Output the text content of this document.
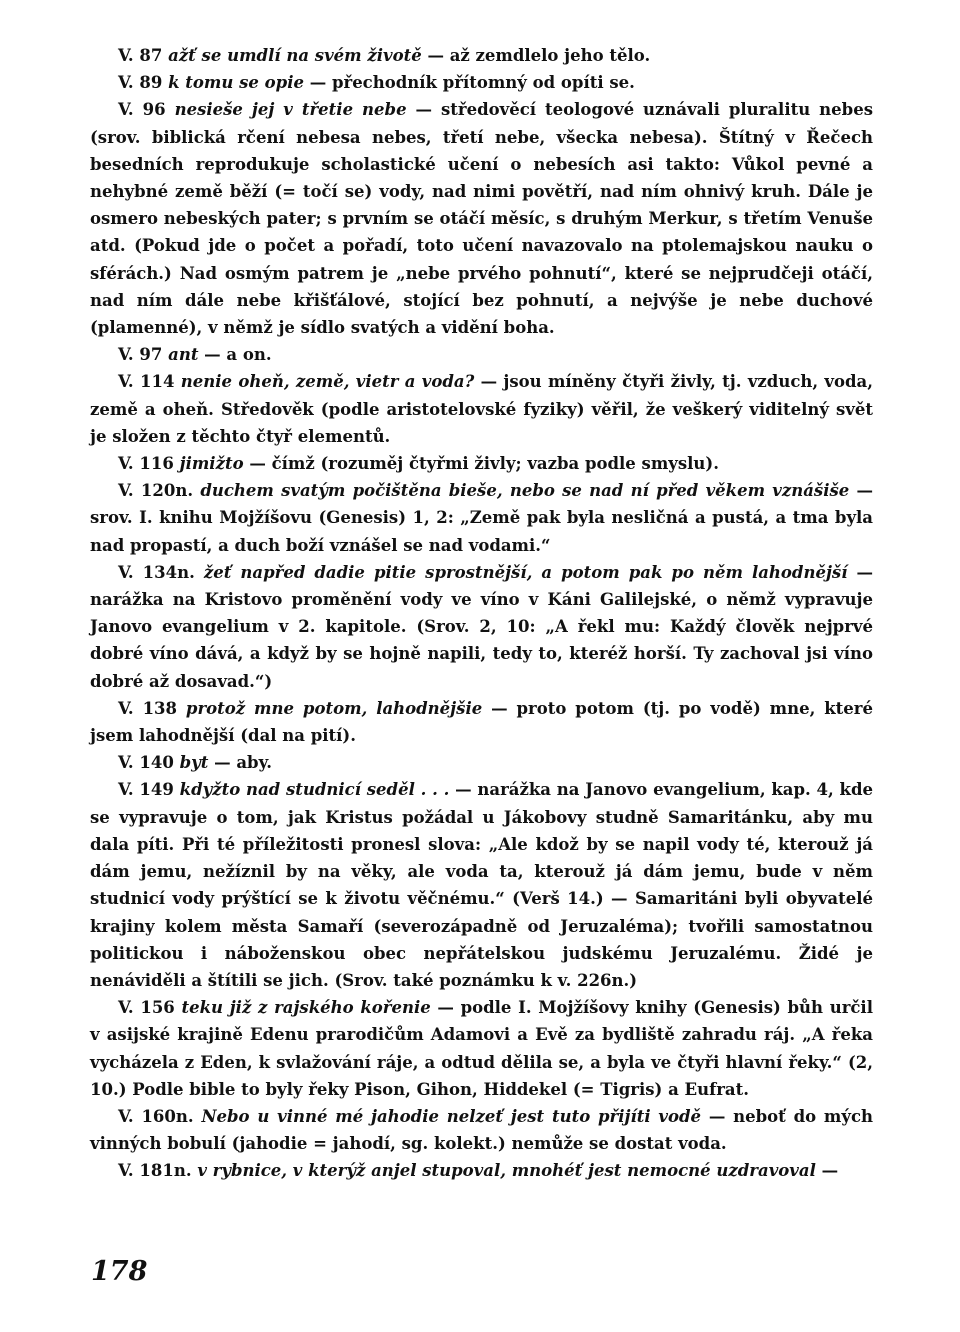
V. 87 ažť se umdlí na svém životě — až zemdlelo jeho tělo.

V. 89 k tomu se opie — přechodník přítomný od opíti se.

V. 96 nesieše jej v třetie nebe — středověcí teologové uznávali pluralitu nebes (srov. biblická rčení nebesa nebes, třetí nebe, všecka nebesa). Štítný v Řečech besedních reprodukuje scholastické učení o nebesích asi takto: Vůkol pevné a nehybné země běží (= točí se) vody, nad nimi povětří, nad ním ohnivý kruh. Dále je osmero nebeských pater; s prvním se otáčí měsíc, s druhým Merkur, s třetím Venuše atd. (Pokud jde o počet a pořadí, toto učení navazovalo na ptolemajskou nauku o sférách.) Nad osmým patrem je „nebe prvého pohnutí“, které se nejprudčeji otáčí, nad ním dále nebe křišťálové, stojící bez pohnutí, a nejvýše je nebe duchové (plamenné), v němž je sídlo svatých a vidění boha.

V. 97 ant — a on.

V. 114 nenie oheň, země, vietr a voda? — jsou míněny čtyři živly, tj. vzduch, voda, země a oheň. Středověk (podle aristotelovské fyziky) věřil, že veškerý viditelný svět je složen z těchto čtyř elementů.

V. 116 jimižto — čímž (rozuměj čtyřmi živly; vazba podle smyslu).

V. 120n. duchem svatým počištěna bieše, nebo se nad ní před věkem vznášiše — srov. I. knihu Mojžíšovu (Genesis) 1, 2: „Země pak byla nesličná a pustá, a tma byla nad propastí, a duch boží vznášel se nad vodami.“

V. 134n. žeť napřed dadie pitie sprostnější, a potom pak po něm lahodnější — narážka na Kristovo proměnění vody ve víno v Káni Galilejské, o němž vypravuje Janovo evangelium v 2. kapitole. (Srov. 2, 10: „A řekl mu: Každý člověk nejprvé dobré víno dává, a když by se hojně napili, tedy to, kteréž horší. Ty zachoval jsi víno dobré až dosavad.“)

V. 138 protož mne potom, lahodnějšie — proto potom (tj. po vodě) mne, které jsem lahodnější (dal na pití).

V. 140 byt — aby.

V. 149 kdyžto nad studnicí seděl . . . — narážka na Janovo evangelium, kap. 4, kde se vypravuje o tom, jak Kristus požádal u Jákobovy studně Samaritánku, aby mu dala píti. Při té příležitosti pronesl slova: „Ale kdož by se napil vody té, kterouž já dám jemu, nežíznil by na věky, ale voda ta, kterouž já dám jemu, bude v něm studnicí vody prýštící se k životu věčnému.“ (Verš 14.) — Samaritáni byli obyvatelé krajiny kolem města Samaří (severozápadně od Jeruzaléma); tvořili samostatnou politickou i náboženskou obec nepřátelskou judskému Jeruzalému. Židé je nenáviděli a štítili se jich. (Srov. také poznámku k v. 226n.)

V. 156 teku již z rajského kořenie — podle I. Mojžíšovy knihy (Genesis) bůh určil v asijské krajině Edenu prarodičům Adamovi a Evě za bydliště zahradu ráj. „A řeka vycházela z Eden, k svlažování ráje, a odtud dělila se, a byla ve čtyři hlavní řeky.“ (2, 10.) Podle bible to byly řeky Pison, Gihon, Hiddekel (= Tigris) a Eufrat.

V. 160n. Nebo u vinné mé jahodie nelzeť jest tuto přijíti vodě — neboť do mých vinných bobulí (jahodie = jahodí, sg. kolekt.) nemůže se dostat voda.

V. 181n. v rybnice, v kterýž anjel stupoval, mnohéť jest nemocné uzdravoval —

178
